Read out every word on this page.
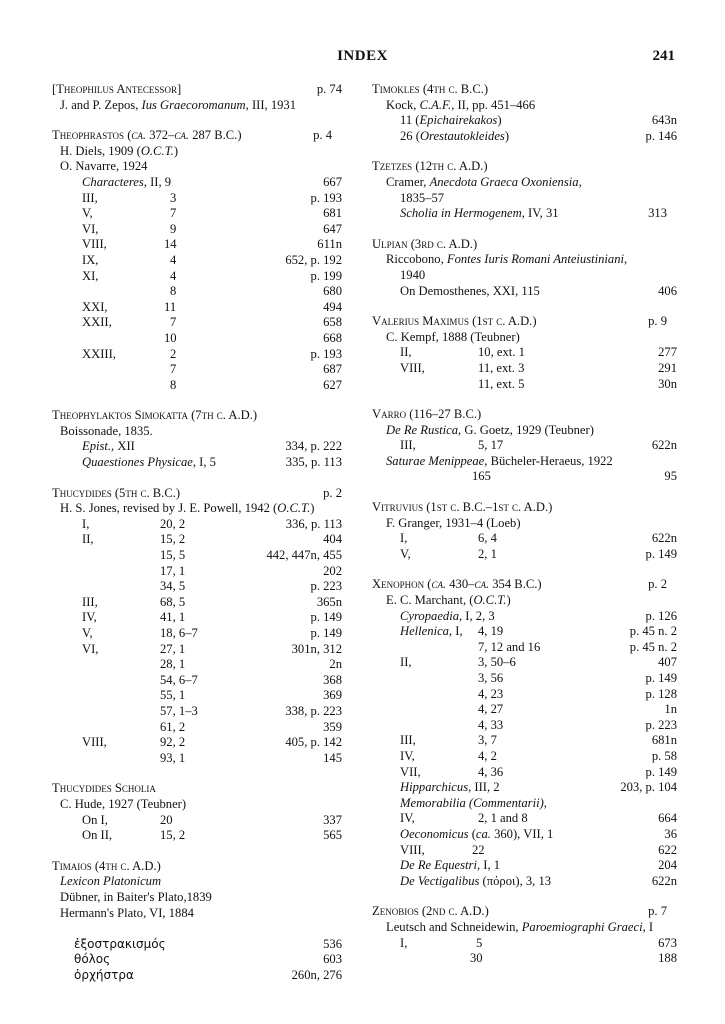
INDEX	241
[Theophilus Antecessor]	p. 74
J. and P. Zepos, Ius Graecoromanum, III, 1931
Theophrastos (ca. 372–ca. 287 B.C.)	p. 4
H. Diels, 1909 (O.C.T.)
O. Navarre, 1924
Characteres, II, 9	667
III,	3	p. 193
V,	7	681
VI,	9	647
VIII,	14	611n
IX,	4	652, p. 192
XI,	4	p. 199
8	680
XXI,	11	494
XXII,	7	658
10	668
XXIII,	2	p. 193
7	687
8	627
Theophylaktos Simokatta (7th c. A.D.)
Boissonade, 1835.
Epist., XII	334, p. 222
Quaestiones Physicae, I, 5	335, p. 113
Thucydides (5th c. B.C.)	p. 2
H. S. Jones, revised by J. E. Powell, 1942 (O.C.T.)
I,	20, 2	336, p. 113
II,	15, 2	404
15, 5	442, 447n, 455
17, 1	202
34, 5	p. 223
III,	68, 5	365n
IV,	41, 1	p. 149
V,	18, 6–7	p. 149
VI,	27, 1	301n, 312
28, 1	2n
54, 6–7	368
55, 1	369
57, 1–3	338, p. 223
61, 2	359
VIII,	92, 2	405, p. 142
93, 1	145
Thucydides Scholia
C. Hude, 1927 (Teubner)
On I,	20	337
On II,	15, 2	565
Timaios (4th c. A.D.)
Lexicon Platonicum
Dübner, in Baiter's Plato,1839
Hermann's Plato, VI, 1884
ἐξοστρακισμός	536
θόλος	603
ὀρχήστρα	260n, 276
Timokles (4th c. B.C.)
Kock, C.A.F., II, pp. 451–466
11 (Epichairekakos)	643n
26 (Orestautokleides)	p. 146
Tzetzes (12th c. A.D.)
Cramer, Anecdota Graeca Oxoniensia,
1835–57
Scholia in Hermogenem, IV, 31	313
Ulpian (3rd c. A.D.)
Riccobono, Fontes Iuris Romani Anteiustiniani,
1940
On Demosthenes, XXI, 115	406
Valerius Maximus (1st c. A.D.)	p. 9
C. Kempf, 1888 (Teubner)
II,	10, ext. 1	277
VIII,	11, ext. 3	291
11, ext. 5	30n
Varro (116–27 B.C.)
De Re Rustica, G. Goetz, 1929 (Teubner)
III,	5, 17	622n
Saturae Menippeae, Bücheler-Heraeus, 1922
165	95
Vitruvius (1st c. B.C.–1st c. A.D.)
F. Granger, 1931–4 (Loeb)
I,	6, 4	622n
V,	2, 1	p. 149
Xenophon (ca. 430–ca. 354 B.C.)	p. 2
E. C. Marchant, (O.C.T.)
Cyropaedia, I, 2, 3	p. 126
Hellenica, I, 4, 19	p. 45 n. 2
7, 12 and 16	p. 45 n. 2
II,	3, 50–6	407
3, 56	p. 149
4, 23	p. 128
4, 27	1n
4, 33	p. 223
III,	3, 7	681n
IV,	4, 2	p. 58
VII,	4, 36	p. 149
Hipparchicus, III, 2	203, p. 104
Memorabilia (Commentarii),
IV,	2, 1 and 8	664
Oeconomicus (ca. 360), VII, 1	36
VIII,	22	622
De Re Equestri, I, 1	204
De Vectigalibus (πόροι), 3, 13	622n
Zenobios (2nd c. A.D.)	p. 7
Leutsch and Schneidewin, Paroemiographi Graeci, I
I,	5	673
30	188
